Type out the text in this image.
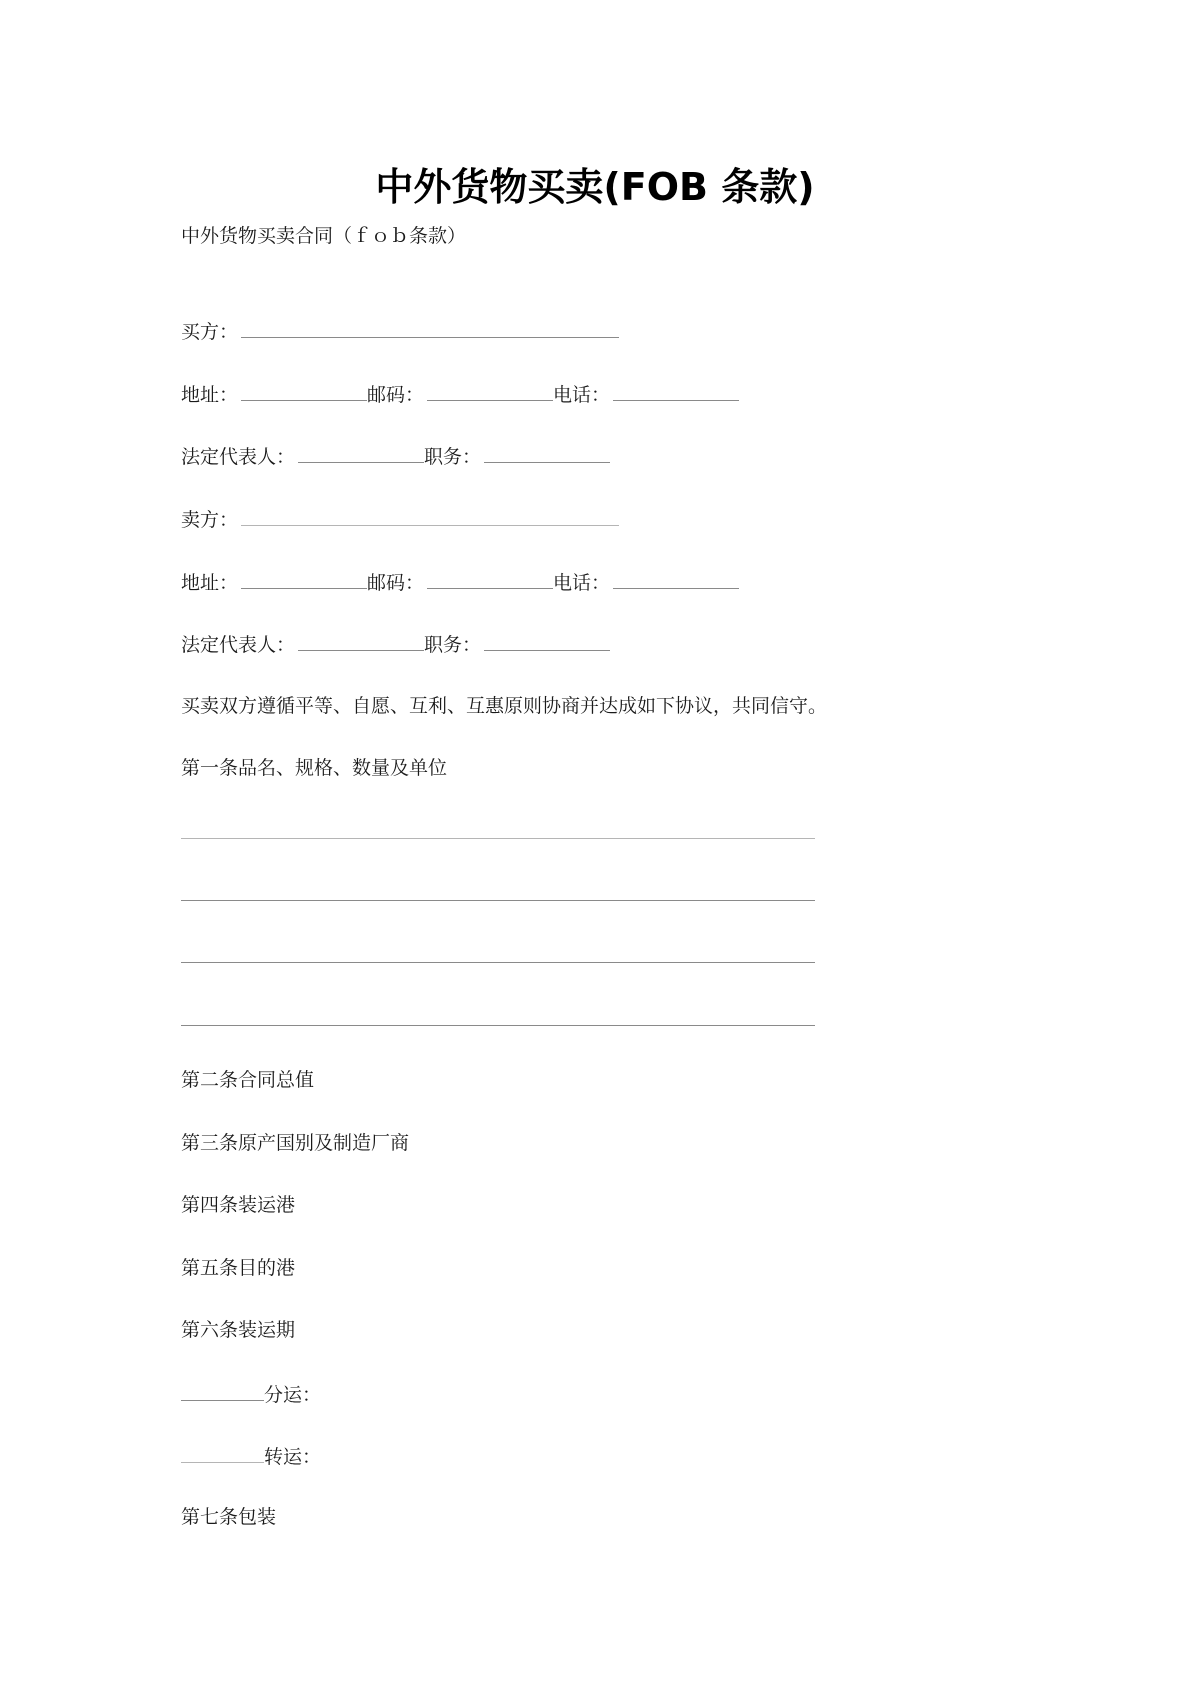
中外货物买卖(FOB 条款)
中外货物买卖合同（ｆｏｂ条款）
买方：
地址：	邮码：	电话：
法定代表人：	职务：
卖方：
地址：	邮码：	电话：
法定代表人：	职务：
买卖双方遵循平等、自愿、互利、互惠原则协商并达成如下协议，共同信守。
第一条品名、规格、数量及单位
第二条合同总值
第三条原产国别及制造厂商
第四条装运港
第五条目的港
第六条装运期
分运：
转运：
第七条包装
